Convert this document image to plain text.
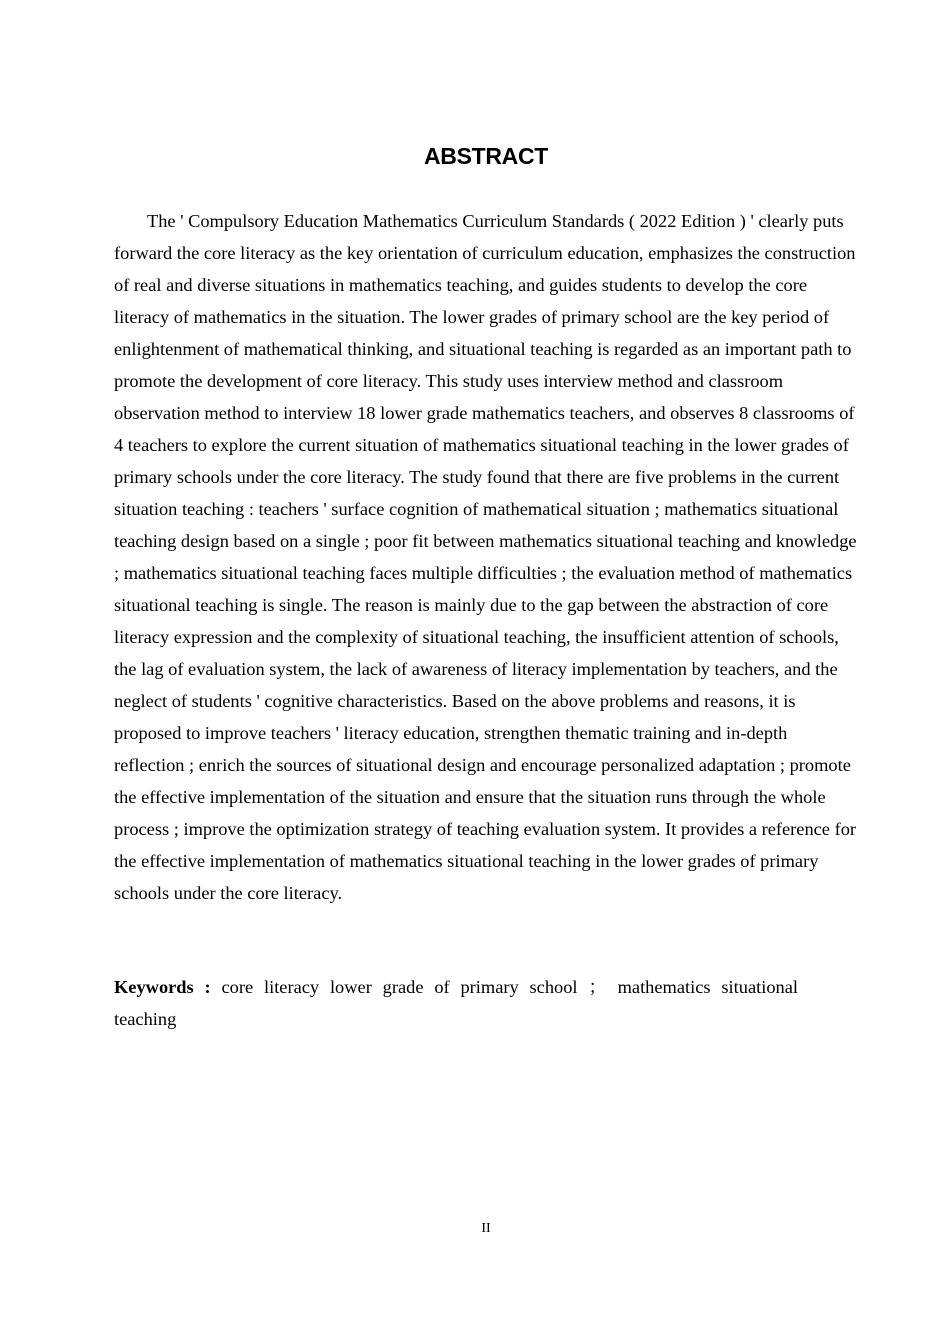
ABSTRACT

The ' Compulsory Education Mathematics Curriculum Standards ( 2022 Edition ) ' clearly puts forward the core literacy as the key orientation of curriculum education, emphasizes the construction of real and diverse situations in mathematics teaching, and guides students to develop the core literacy of mathematics in the situation. The lower grades of primary school are the key period of enlightenment of mathematical thinking, and situational teaching is regarded as an important path to promote the development of core literacy. This study uses interview method and classroom observation method to interview 18 lower grade mathematics teachers, and observes 8 classrooms of 4 teachers to explore the current situation of mathematics situational teaching in the lower grades of primary schools under the core literacy. The study found that there are five problems in the current situation teaching : teachers ' surface cognition of mathematical situation ; mathematics situational teaching design based on a single ; poor fit between mathematics situational teaching and knowledge ; mathematics situational teaching faces multiple difficulties ; the evaluation method of mathematics situational teaching is single. The reason is mainly due to the gap between the abstraction of core literacy expression and the complexity of situational teaching, the insufficient attention of schools, the lag of evaluation system, the lack of awareness of literacy implementation by teachers, and the neglect of students ' cognitive characteristics. Based on the above problems and reasons, it is proposed to improve teachers ' literacy education, strengthen thematic training and in-depth reflection ; enrich the sources of situational design and encourage personalized adaptation ; promote the effective implementation of the situation and ensure that the situation runs through the whole process ; improve the optimization strategy of teaching evaluation system. It provides a reference for the effective implementation of mathematics situational teaching in the lower grades of primary schools under the core literacy.

Keywords : core literacy lower grade of primary school ； mathematics situational teaching

II
